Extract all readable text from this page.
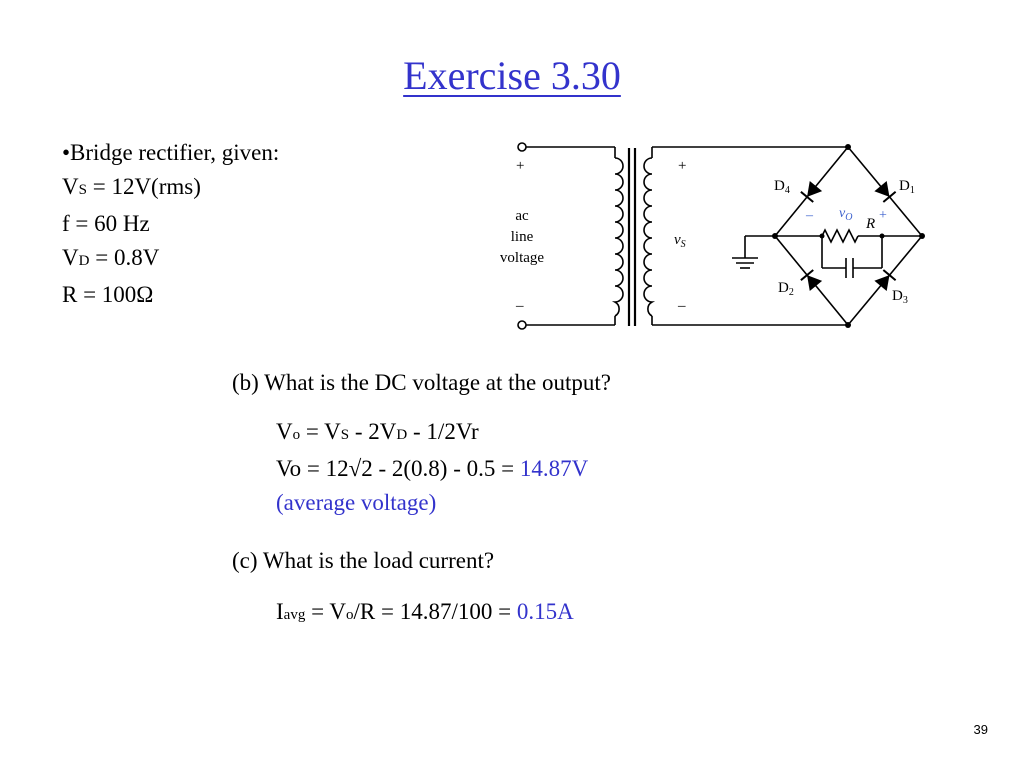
Exercise 3.30
•Bridge rectifier, given:
VS = 12V(rms)
f = 60 Hz
VD = 0.8V
R = 100Ω
+
–
+
–
ac
line
voltage
$v_S$
$D_4$	$D_1$
$D_2$	$D_3$
R
– $v_O$ +
(b) What is the DC voltage at the output?
Vo = VS - 2VD - 1/2Vr
Vo = 12√2 - 2(0.8) - 0.5 = 14.87V
(average voltage)
(c) What is the load current?
Iavg = Vo/R = 14.87/100 = 0.15A
39
